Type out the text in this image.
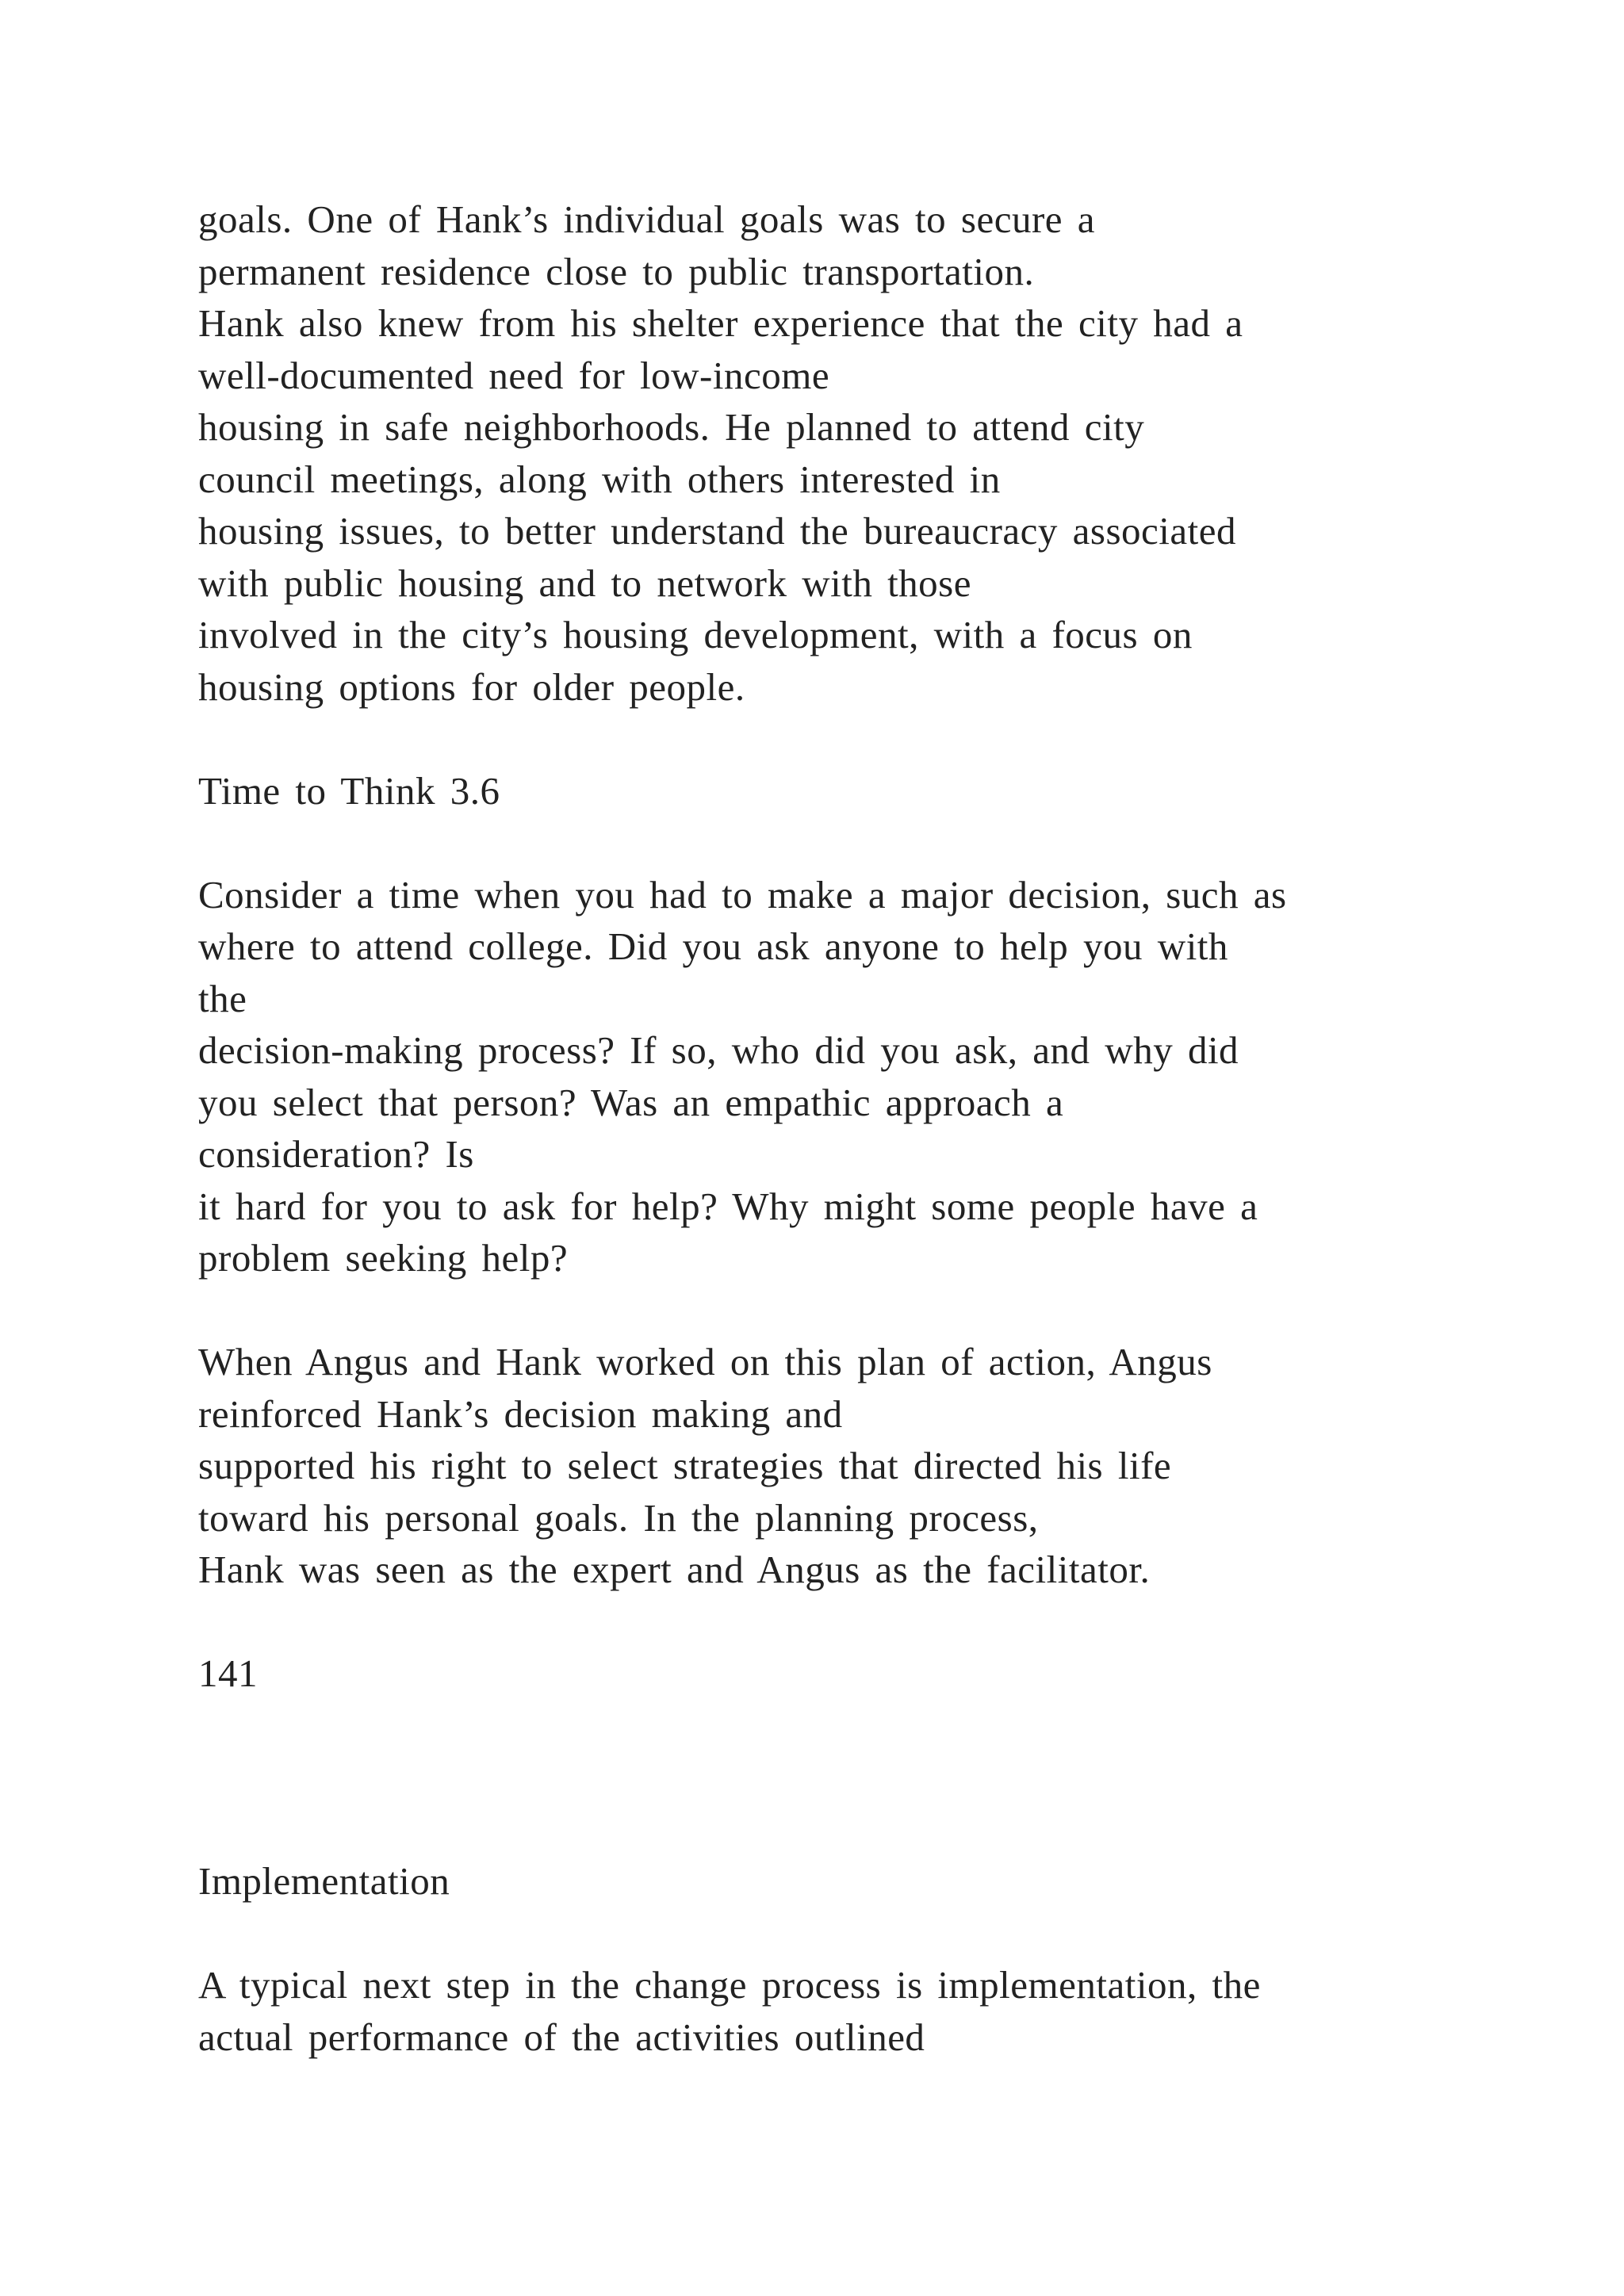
goals. One of Hank’s individual goals was to secure a
permanent residence close to public transportation.
Hank also knew from his shelter experience that the city had a
well-documented need for low-income
housing in safe neighborhoods. He planned to attend city
council meetings, along with others interested in
housing issues, to better understand the bureaucracy associated
with public housing and to network with those
involved in the city’s housing development, with a focus on
housing options for older people.
Time to Think 3.6
Consider a time when you had to make a major decision, such as
where to attend college. Did you ask anyone to help you with
the
decision-making process? If so, who did you ask, and why did
you select that person? Was an empathic approach a
consideration? Is
it hard for you to ask for help? Why might some people have a
problem seeking help?
When Angus and Hank worked on this plan of action, Angus
reinforced Hank’s decision making and
supported his right to select strategies that directed his life
toward his personal goals. In the planning process,
Hank was seen as the expert and Angus as the facilitator.
141
Implementation
A typical next step in the change process is implementation, the
actual performance of the activities outlined
